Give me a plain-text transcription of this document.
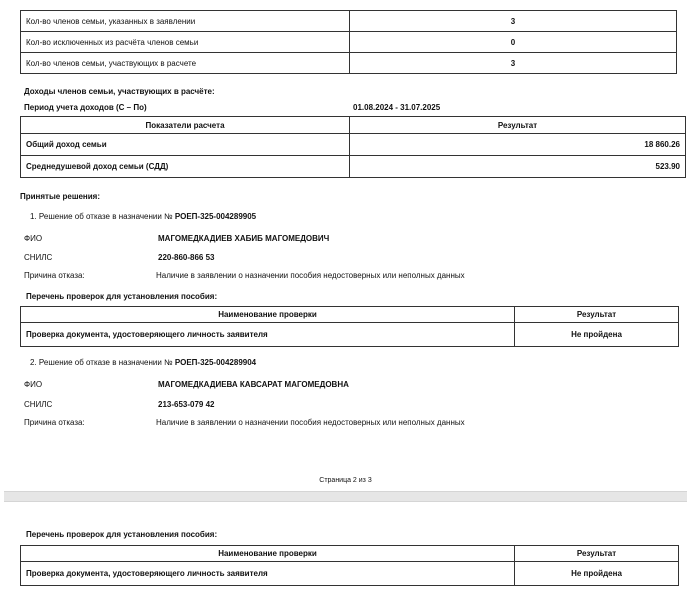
Кол-во членов семьи, указанных в заявлении	3
Кол-во исключенных из расчёта членов семьи	0
Кол-во членов семьи, участвующих в расчете	3
Доходы членов семьи, участвующих в расчёте:
Период учета доходов (С – По)	01.08.2024 - 31.07.2025
Показатели расчета	Результат
Общий доход семьи	18 860.26
Среднедушевой доход семьи (СДД)	523.90
Принятые решения:
1. Решение об отказе в назначении № РОЕП-325-004289905
ФИО	МАГОМЕДКАДИЕВ ХАБИБ МАГОМЕДОВИЧ
СНИЛС	220-860-866 53
Причина отказа:	Наличие в заявлении о назначении пособия недостоверных или неполных данных
Перечень проверок для установления пособия:
Наименование проверки	Результат
Проверка документа, удостоверяющего личность заявителя	Не пройдена
2. Решение об отказе в назначении № РОЕП-325-004289904
ФИО	МАГОМЕДКАДИЕВА КАВСАРАТ МАГОМЕДОВНА
СНИЛС	213-653-079 42
Причина отказа:	Наличие в заявлении о назначении пособия недостоверных или неполных данных
Страница 2 из 3
Перечень проверок для установления пособия:
Наименование проверки	Результат
Проверка документа, удостоверяющего личность заявителя	Не пройдена
